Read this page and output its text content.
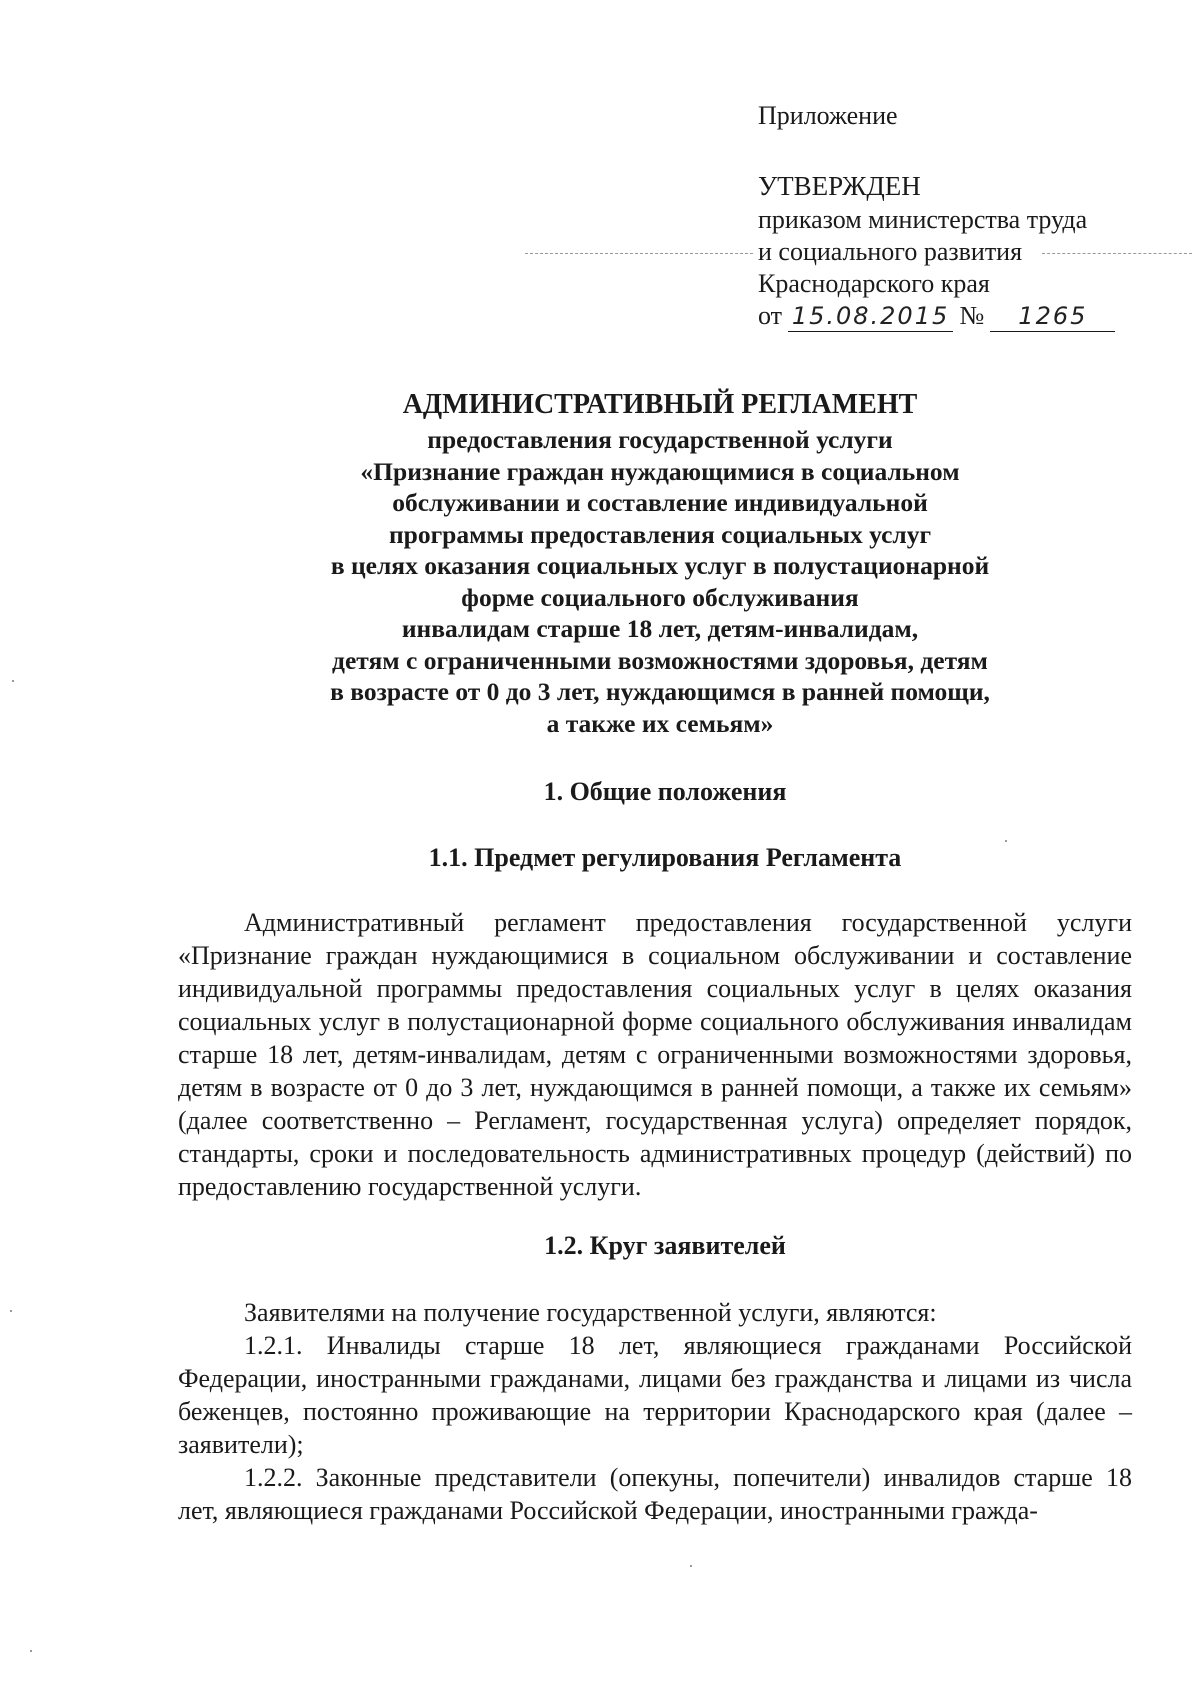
Приложение

УТВЕРЖДЕН

приказом министерства труда

и социального развития

Краснодарского края

от 15.08.2015 № 1265

АДМИНИСТРАТИВНЫЙ РЕГЛАМЕНТ

предоставления государственной услуги

«Признание граждан нуждающимися в социальном

обслуживании и составление индивидуальной

программы предоставления социальных услуг

в целях оказания социальных услуг в полустационарной

форме социального обслуживания

инвалидам старше 18 лет, детям-инвалидам,

детям с ограниченными возможностями здоровья, детям

в возрасте от 0 до 3 лет, нуждающимся в ранней помощи,

а также их семьям»

1. Общие положения
1.1. Предмет регулирования Регламента

Административный регламент предоставления государственной услуги «Признание граждан нуждающимися в социальном обслуживании и составление индивидуальной программы предоставления социальных услуг в целях оказания социальных услуг в полустационарной форме социального обслуживания инвалидам старше 18 лет, детям-инвалидам, детям с ограниченными возможностями здоровья, детям в возрасте от 0 до 3 лет, нуждающимся в ранней помощи, а также их семьям» (далее соответственно – Регламент, государственная услуга) определяет порядок, стандарты, сроки и последовательность административных процедур (действий) по предоставлению государственной услуги.

1.2. Круг заявителей

Заявителями на получение государственной услуги, являются:

1.2.1. Инвалиды старше 18 лет, являющиеся гражданами Российской Федерации, иностранными гражданами, лицами без гражданства и лицами из числа беженцев, постоянно проживающие на территории Краснодарского края (далее – заявители);

1.2.2. Законные представители (опекуны, попечители) инвалидов старше 18 лет, являющиеся гражданами Российской Федерации, иностранными гражда-
